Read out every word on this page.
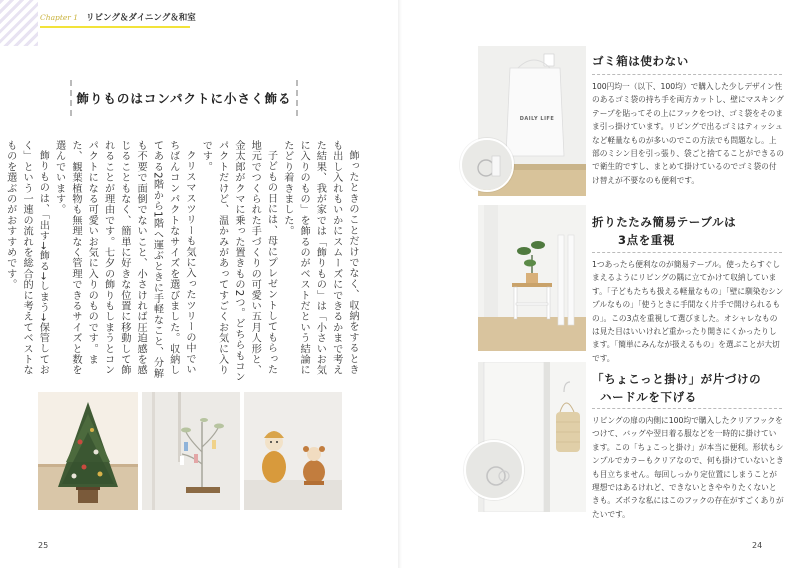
Chapter 1 リビング＆ダイニング＆和室
飾りものはコンパクトに小さく飾る

飾ったときのことだけでなく、収納をするときも出し入れもいかにスムーズにできるかまで考えた結果、我が家では「飾りもの」は「小さいお気に入りのもの」を飾るのがベストだという結論にたどり着きました。

子どもの日には、母にプレゼントしてもらった地元でつくられた手づくりの可愛い五月人形と、金太郎がクマに乗った置きもの2つ。どちらもコンパクトだけど、温かみがあってすごくお気に入りです。

クリスマスツリーも気に入ったツリーの中でいちばんコンパクトなサイズを選びました。収納してある2階から1階へ運ぶときに手軽なこと、分解も不要で面倒でないこと、小さければ圧迫感を感じることもなく、簡単に好きな位置に移動して飾れることが理由です。七夕の飾りもしまうとコンパクトになる可愛いお気に入りのものです。また、観葉植物も無理なく管理できるサイズと数を選んでいます。

飾りものは、「出す→飾る→しまう→保管しておく」という一連の流れを総合的に考えてベストなものを選ぶのがおすすめです。

25
DAILY LIFE
ゴミ箱は使わない
100円均一（以下、100均）で購入した少しデザイン性のあるゴミ袋の持ち手を両方カットし、壁にマスキングテープを貼ってその上にフックをつけ、ゴミ袋をそのまま引っ掛けています。リビングで出るゴミはティッシュなど軽量なものが多いのでこの方法でも問題なし。上部のミシン目を引っ張り、袋ごと捨てることができるので衛生的ですし、まとめて掛けているのでゴミ袋の付け替えが不要なのも便利です。
折りたたみ簡易テーブルは
3点を重視
1つあったら便利なのが簡易テーブル。使ったらすぐしまえるようにリビングの隅に立てかけて収納しています。「子どもたちも扱える軽量なもの」「壁に馴染むシンプルなもの」「使うときに手間なく片手で開けられるもの」。この3点を重視して選びました。オシャレなものは見た目はいいけれど重かったり開きにくかったりします。「簡単にみんなが扱えるもの」を選ぶことが大切です。
「ちょこっと掛け」が片づけの
ハードルを下げる
リビングの扉の内側に100均で購入したクリアフックをつけて、バッグや翌日着る服などを一時的に掛けています。この「ちょこっと掛け」が本当に便利。形状もシンプルでカラーもクリアなので、何も掛けていないときも目立ちません。毎回しっかり定位置にしまうことが理想ではあるけれど、できないときややりたくないときも。ズボラな私にはこのフックの存在がすごくありがたいです。
24
